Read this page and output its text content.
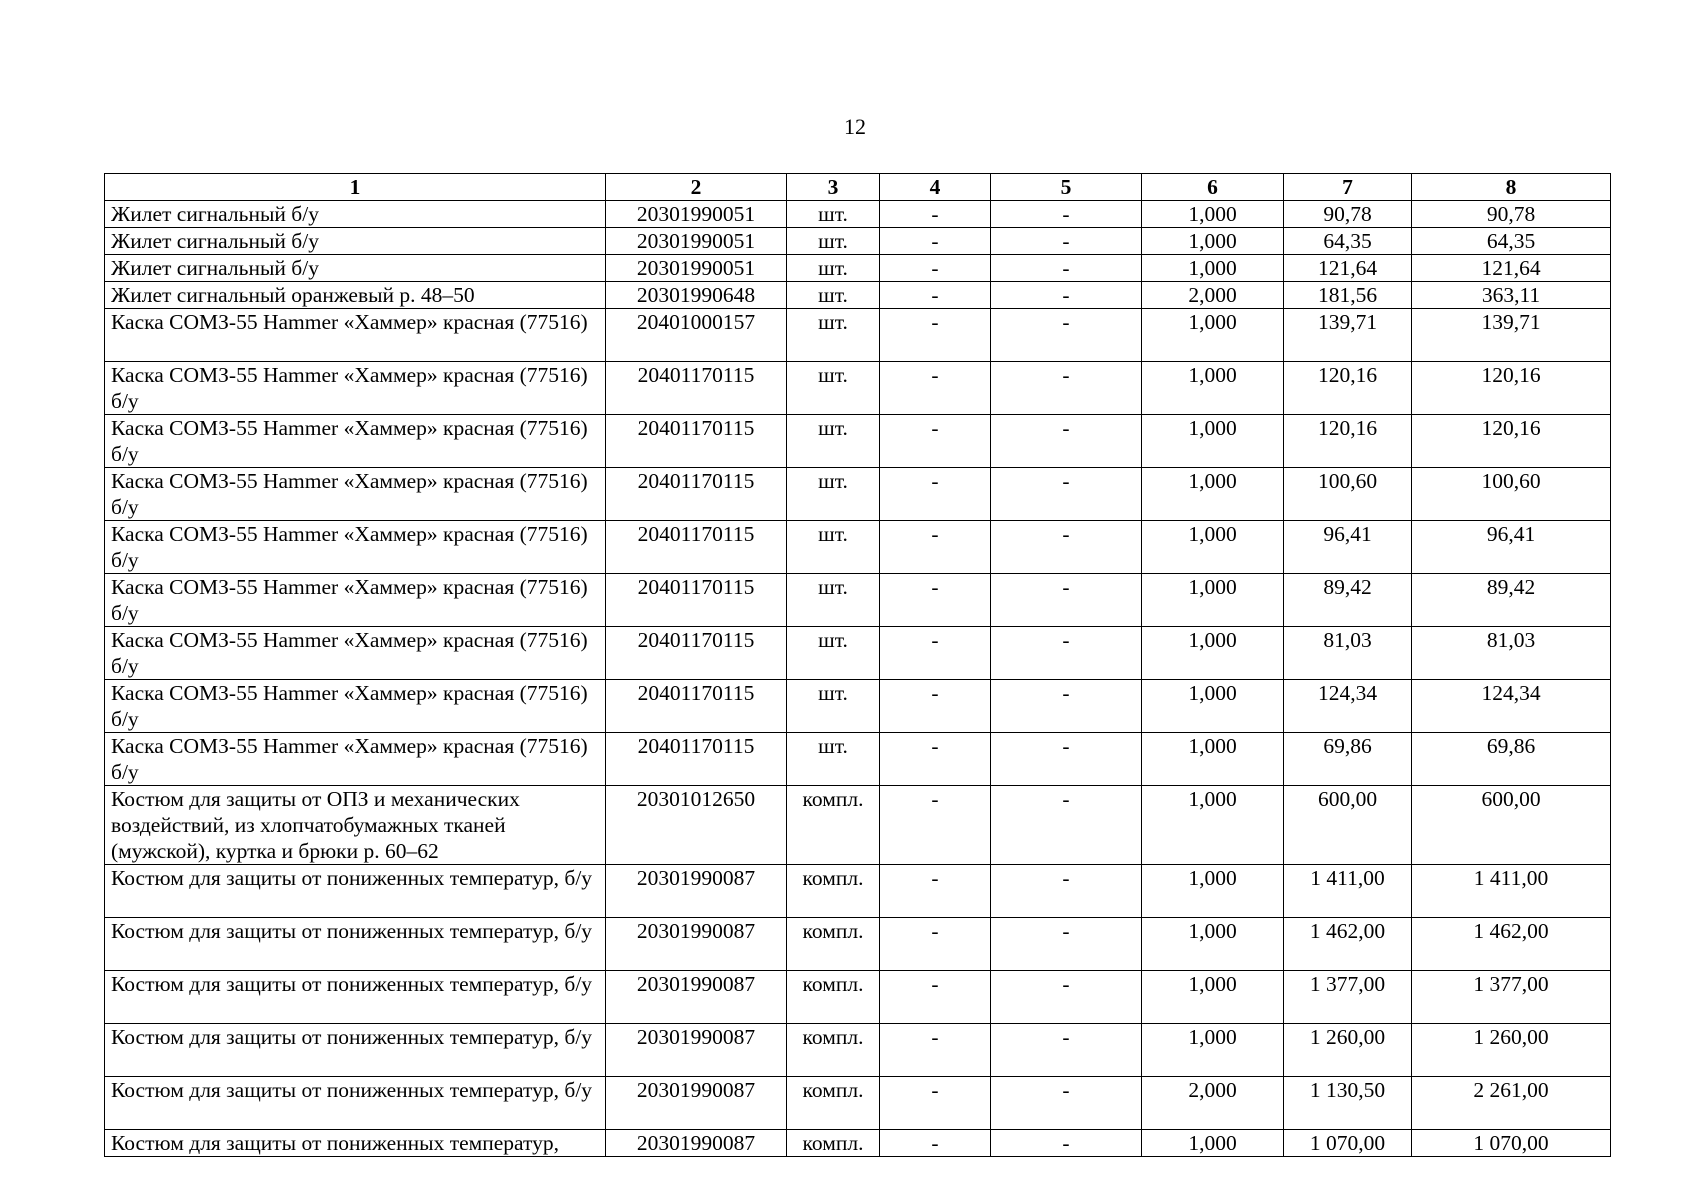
12
1	2	3	4	5	6	7	8
Жилет сигнальный б/у	20301990051	шт.	-	-	1,000	90,78	90,78
Жилет сигнальный б/у	20301990051	шт.	-	-	1,000	64,35	64,35
Жилет сигнальный б/у	20301990051	шт.	-	-	1,000	121,64	121,64
Жилет сигнальный оранжевый р. 48–50	20301990648	шт.	-	-	2,000	181,56	363,11
Каска СОМЗ-55 Hammer «Хаммер» красная (77516)	20401000157	шт.	-	-	1,000	139,71	139,71
Каска СОМЗ-55 Hammer «Хаммер» красная (77516) б/у	20401170115	шт.	-	-	1,000	120,16	120,16
Каска СОМЗ-55 Hammer «Хаммер» красная (77516) б/у	20401170115	шт.	-	-	1,000	120,16	120,16
Каска СОМЗ-55 Hammer «Хаммер» красная (77516) б/у	20401170115	шт.	-	-	1,000	100,60	100,60
Каска СОМЗ-55 Hammer «Хаммер» красная (77516) б/у	20401170115	шт.	-	-	1,000	96,41	96,41
Каска СОМЗ-55 Hammer «Хаммер» красная (77516) б/у	20401170115	шт.	-	-	1,000	89,42	89,42
Каска СОМЗ-55 Hammer «Хаммер» красная (77516) б/у	20401170115	шт.	-	-	1,000	81,03	81,03
Каска СОМЗ-55 Hammer «Хаммер» красная (77516) б/у	20401170115	шт.	-	-	1,000	124,34	124,34
Каска СОМЗ-55 Hammer «Хаммер» красная (77516) б/у	20401170115	шт.	-	-	1,000	69,86	69,86
Костюм для защиты от ОПЗ и механических воздействий, из хлопчатобумажных тканей (мужской), куртка и брюки р. 60–62	20301012650	компл.	-	-	1,000	600,00	600,00
Костюм для защиты от пониженных температур, б/у	20301990087	компл.	-	-	1,000	1 411,00	1 411,00
Костюм для защиты от пониженных температур, б/у	20301990087	компл.	-	-	1,000	1 462,00	1 462,00
Костюм для защиты от пониженных температур, б/у	20301990087	компл.	-	-	1,000	1 377,00	1 377,00
Костюм для защиты от пониженных температур, б/у	20301990087	компл.	-	-	1,000	1 260,00	1 260,00
Костюм для защиты от пониженных температур, б/у	20301990087	компл.	-	-	2,000	1 130,50	2 261,00
Костюм для защиты от пониженных температур,	20301990087	компл.	-	-	1,000	1 070,00	1 070,00
